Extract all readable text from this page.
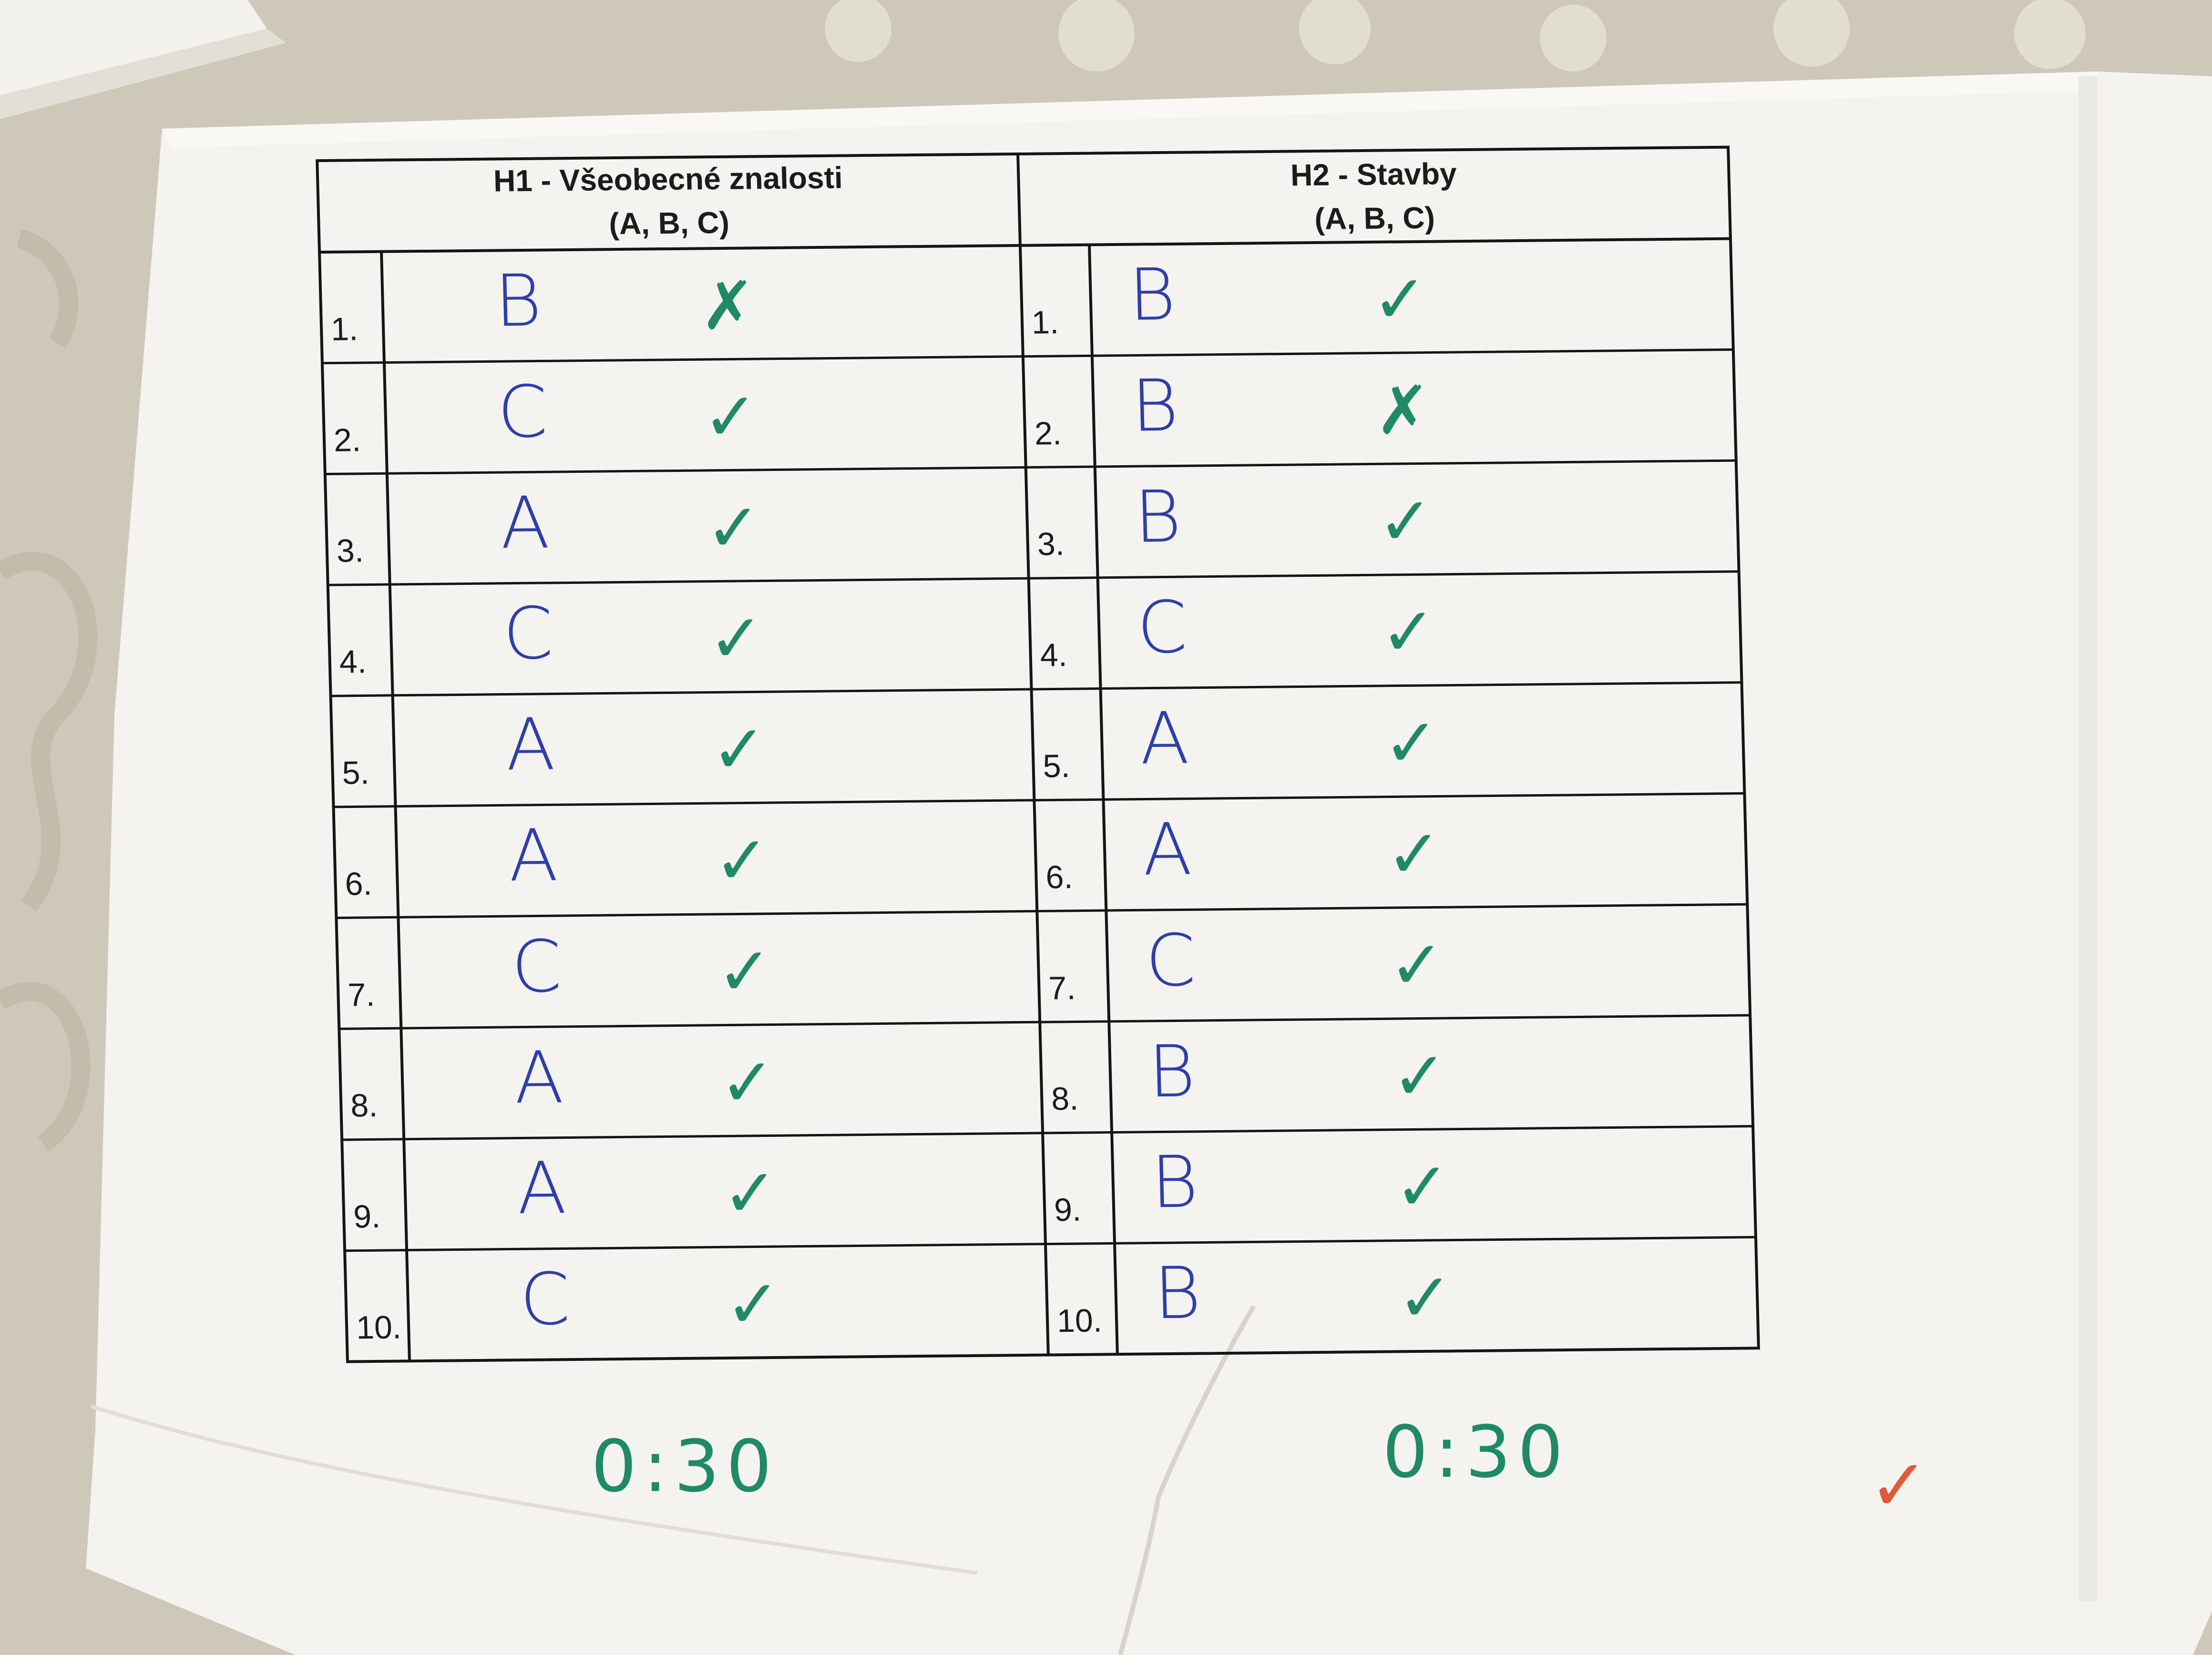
H1 - Všeobecné znalosti
(A, B, C)
H2 - Stavby
(A, B, C)
1. B ✗
2. C ✓
3. A ✓
4. C ✓
5. A ✓
6. A ✓
7. C ✓
8. A ✓
9. A ✓
10. C ✓
1. B	✓
2. B	✗
3. B	✓
4. C	✓
5. A	✓
6. A	✓
7. C	✓
8. B	✓
9. B	✓
10. B	✓
0:30	0:30	✓
